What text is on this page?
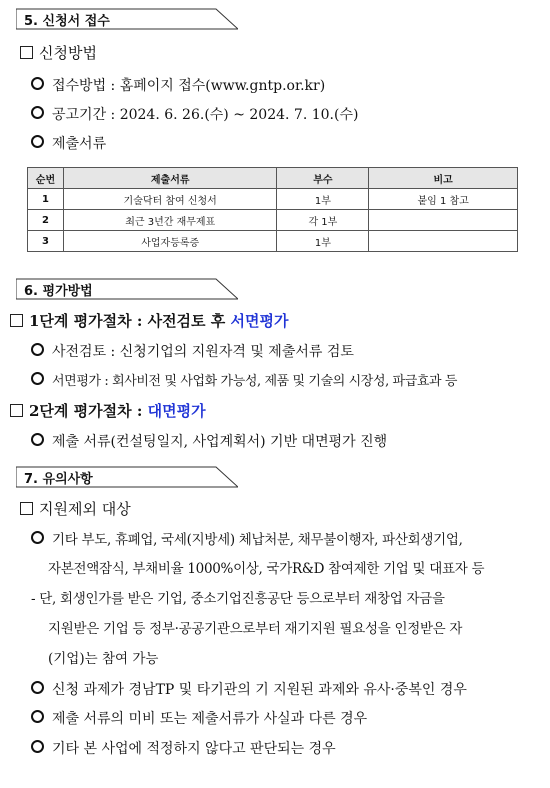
5. 신청서 접수
신청방법
접수방법 : 홈페이지 접수(www.gntp.or.kr)
공고기간 : 2024. 6. 26.(수) ~ 2024. 7. 10.(수)
제출서류
순번	제출서류	부수	비고
1	기술닥터 참여 신청서	1부	붙임 1 참고
2	최근 3년간 재무제표	각 1부	
3	사업자등록증	1부	
6. 평가방법
1단계 평가절차 : 사전검토 후 서면평가
사전검토 : 신청기업의 지원자격 및 제출서류 검토
서면평가 : 회사비전 및 사업화 가능성, 제품 및 기술의 시장성, 파급효과 등
2단계 평가절차 : 대면평가
제출 서류(컨설팅일지, 사업계획서) 기반 대면평가 진행
7. 유의사항
지원제외 대상
기타 부도, 휴폐업, 국세(지방세) 체납처분, 채무불이행자, 파산회생기업,
자본전액잠식, 부채비율 1000%이상, 국가R&D 참여제한 기업 및 대표자 등
- 단, 회생인가를 받은 기업, 중소기업진흥공단 등으로부터 재창업 자금을
지원받은 기업 등 정부·공공기관으로부터 재기지원 필요성을 인정받은 자
(기업)는 참여 가능
신청 과제가 경남TP 및 타기관의 기 지원된 과제와 유사·중복인 경우
제출 서류의 미비 또는 제출서류가 사실과 다른 경우
기타 본 사업에 적정하지 않다고 판단되는 경우
